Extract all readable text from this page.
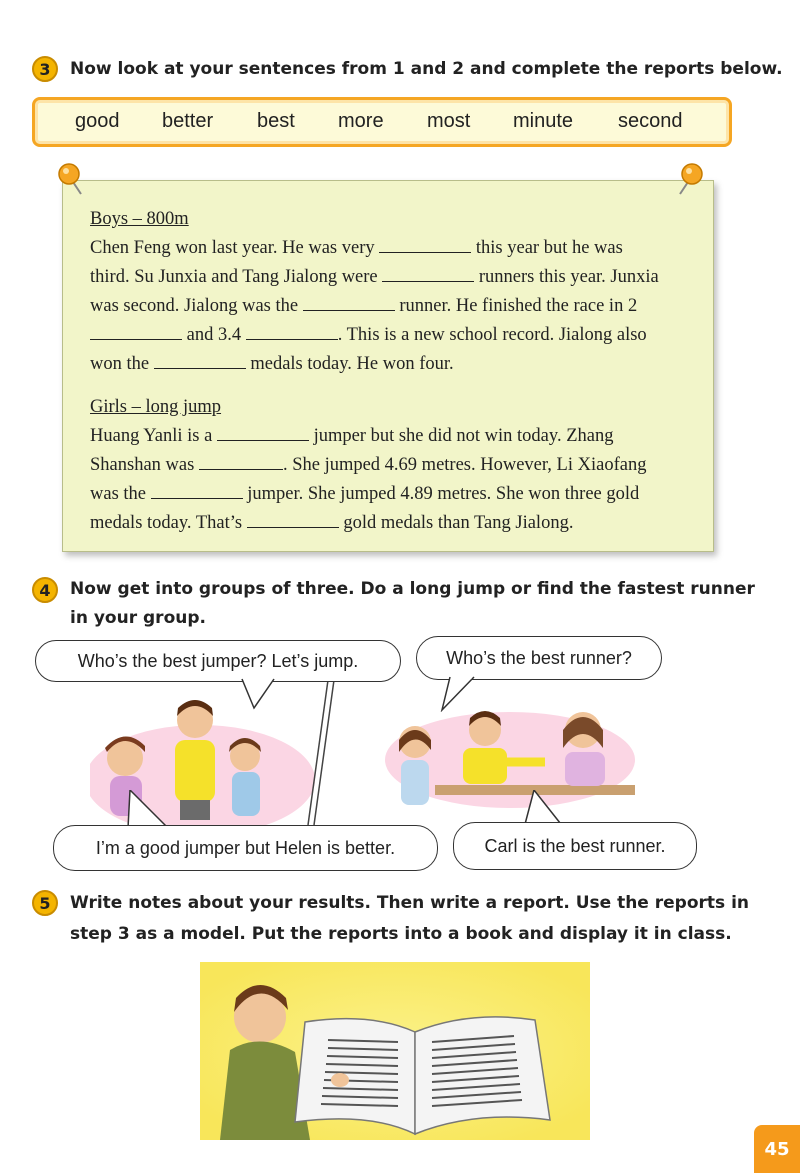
3	Now look at your sentences from 1 and 2 and complete the reports below.
good better best more most minute second
Boys – 800m
Chen Feng won last year. He was very	this year but he was
third. Su Junxia and Tang Jialong were	runners this year. Junxia
was second. Jialong was the	runner. He finished the race in 2
and 3.4	. This is a new school record. Jialong also
won the	medals today. He won four.
Girls – long jump
Huang Yanli is a	jumper but she did not win today. Zhang
Shanshan was	. She jumped 4.69 metres. However, Li Xiaofang
was the	jumper. She jumped 4.89 metres. She won three gold
medals today. That’s	gold medals than Tang Jialong.
4	Now get into groups of three. Do a long jump or find the fastest runner
in your group.
Who’s the best jumper? Let’s jump.	Who’s the best runner?
I’m a good jumper but Helen is better.	Carl is the best runner.
5	Write notes about your results. Then write a report. Use the reports in
step 3 as a model. Put the reports into a book and display it in class.
45
